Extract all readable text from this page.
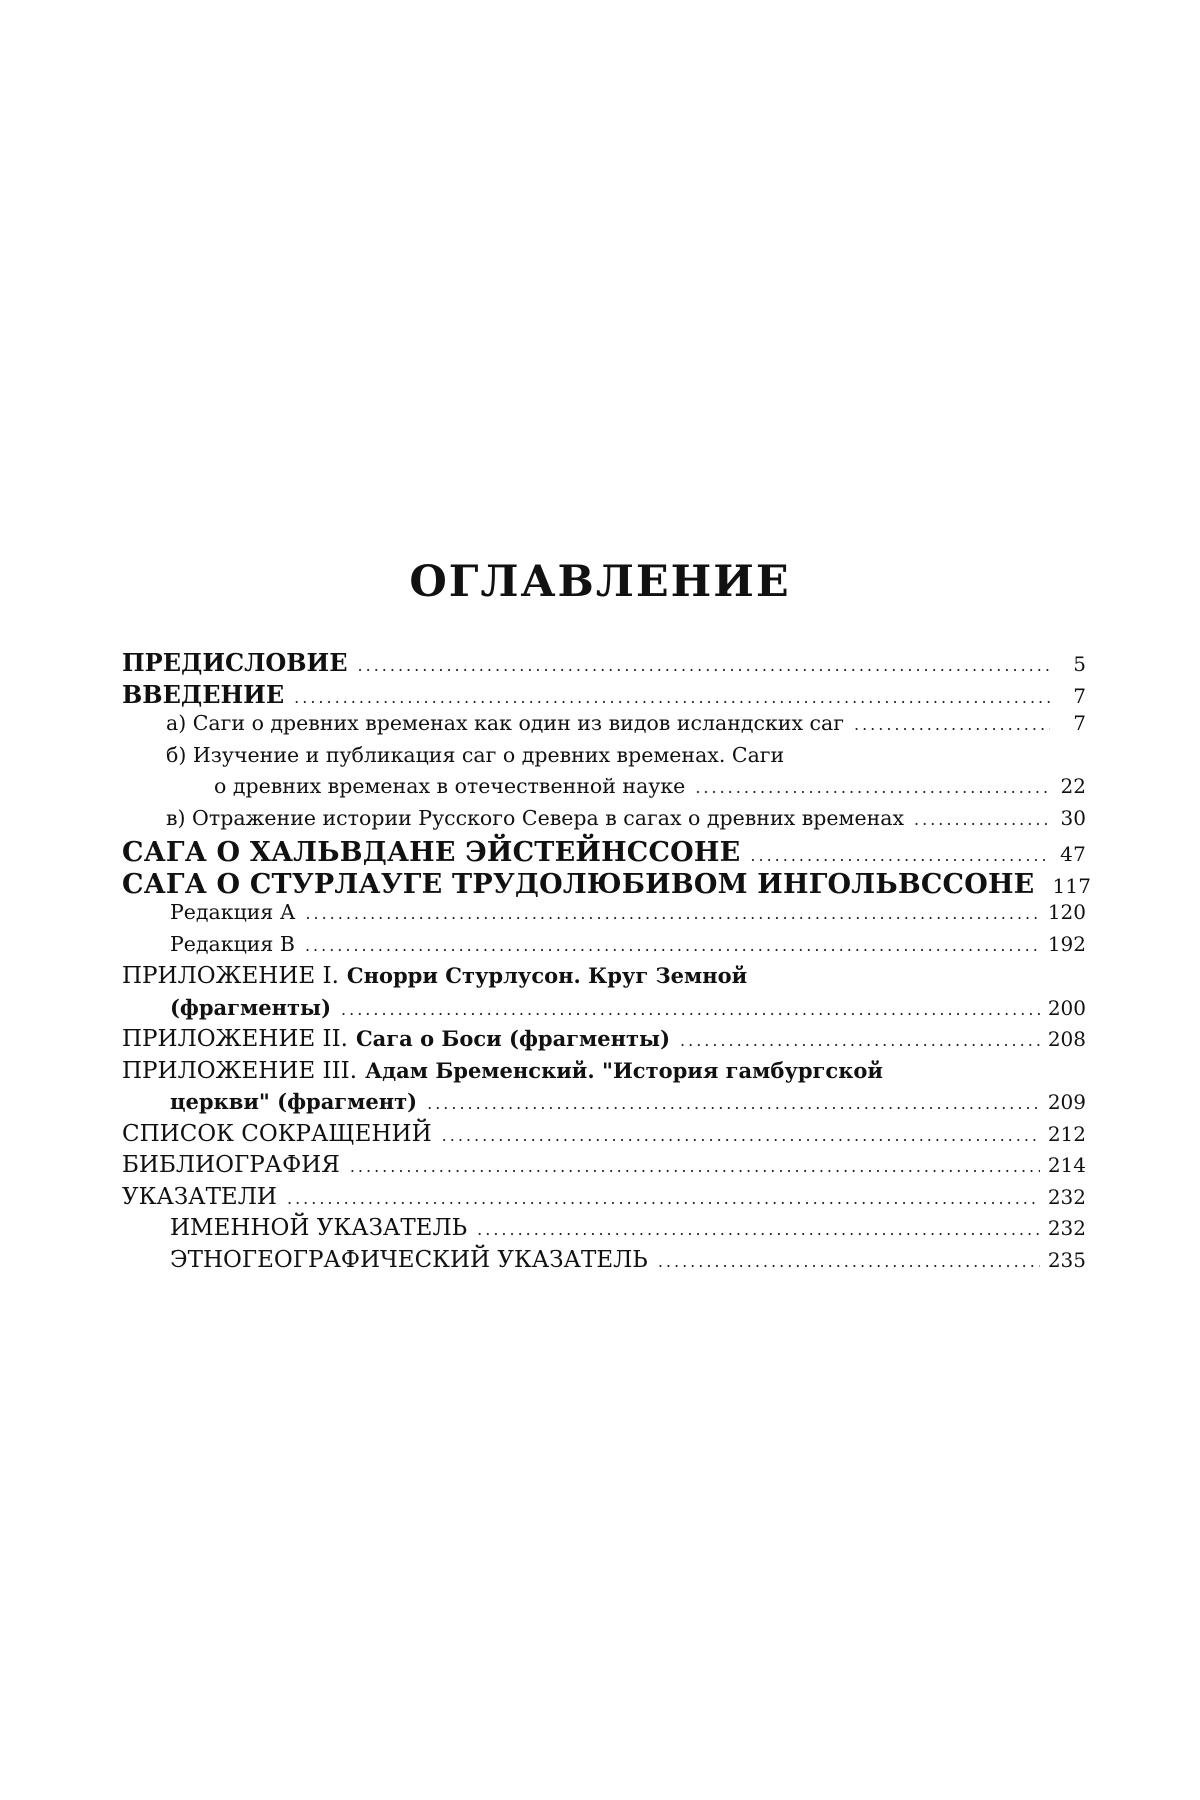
ОГЛАВЛЕНИЕ
ПРЕДИСЛОВИЕ .....	5
ВВЕДЕНИЕ .....	7
а) Саги о древних временах как один из видов исландских саг .....	7
б) Изучение и публикация саг о древних временах. Саги
о древних временах в отечественной науке .....	22
в) Отражение истории Русского Севера в сагах о древних временах .....	30
САГА О ХАЛЬВДАНЕ ЭЙСТЕЙНССОНЕ .....	47
САГА О СТУРЛАУГЕ ТРУДОЛЮБИВОМ ИНГОЛЬВССОНЕ 117
Редакция А .....	120
Редакция В .....	192
ПРИЛОЖЕНИЕ I. Снорри Стурлусон. Круг Земной
(фрагменты) .....	200
ПРИЛОЖЕНИЕ II. Сага о Боси (фрагменты) .....	208
ПРИЛОЖЕНИЕ III. Адам Бременский. "История гамбургской
церкви" (фрагмент) .....	209
СПИСОК СОКРАЩЕНИЙ .....	212
БИБЛИОГРАФИЯ .....	214
УКАЗАТЕЛИ .....	232
ИМЕННОЙ УКАЗАТЕЛЬ .....	232
ЭТНОГЕОГРАФИЧЕСКИЙ УКАЗАТЕЛЬ .....	235
